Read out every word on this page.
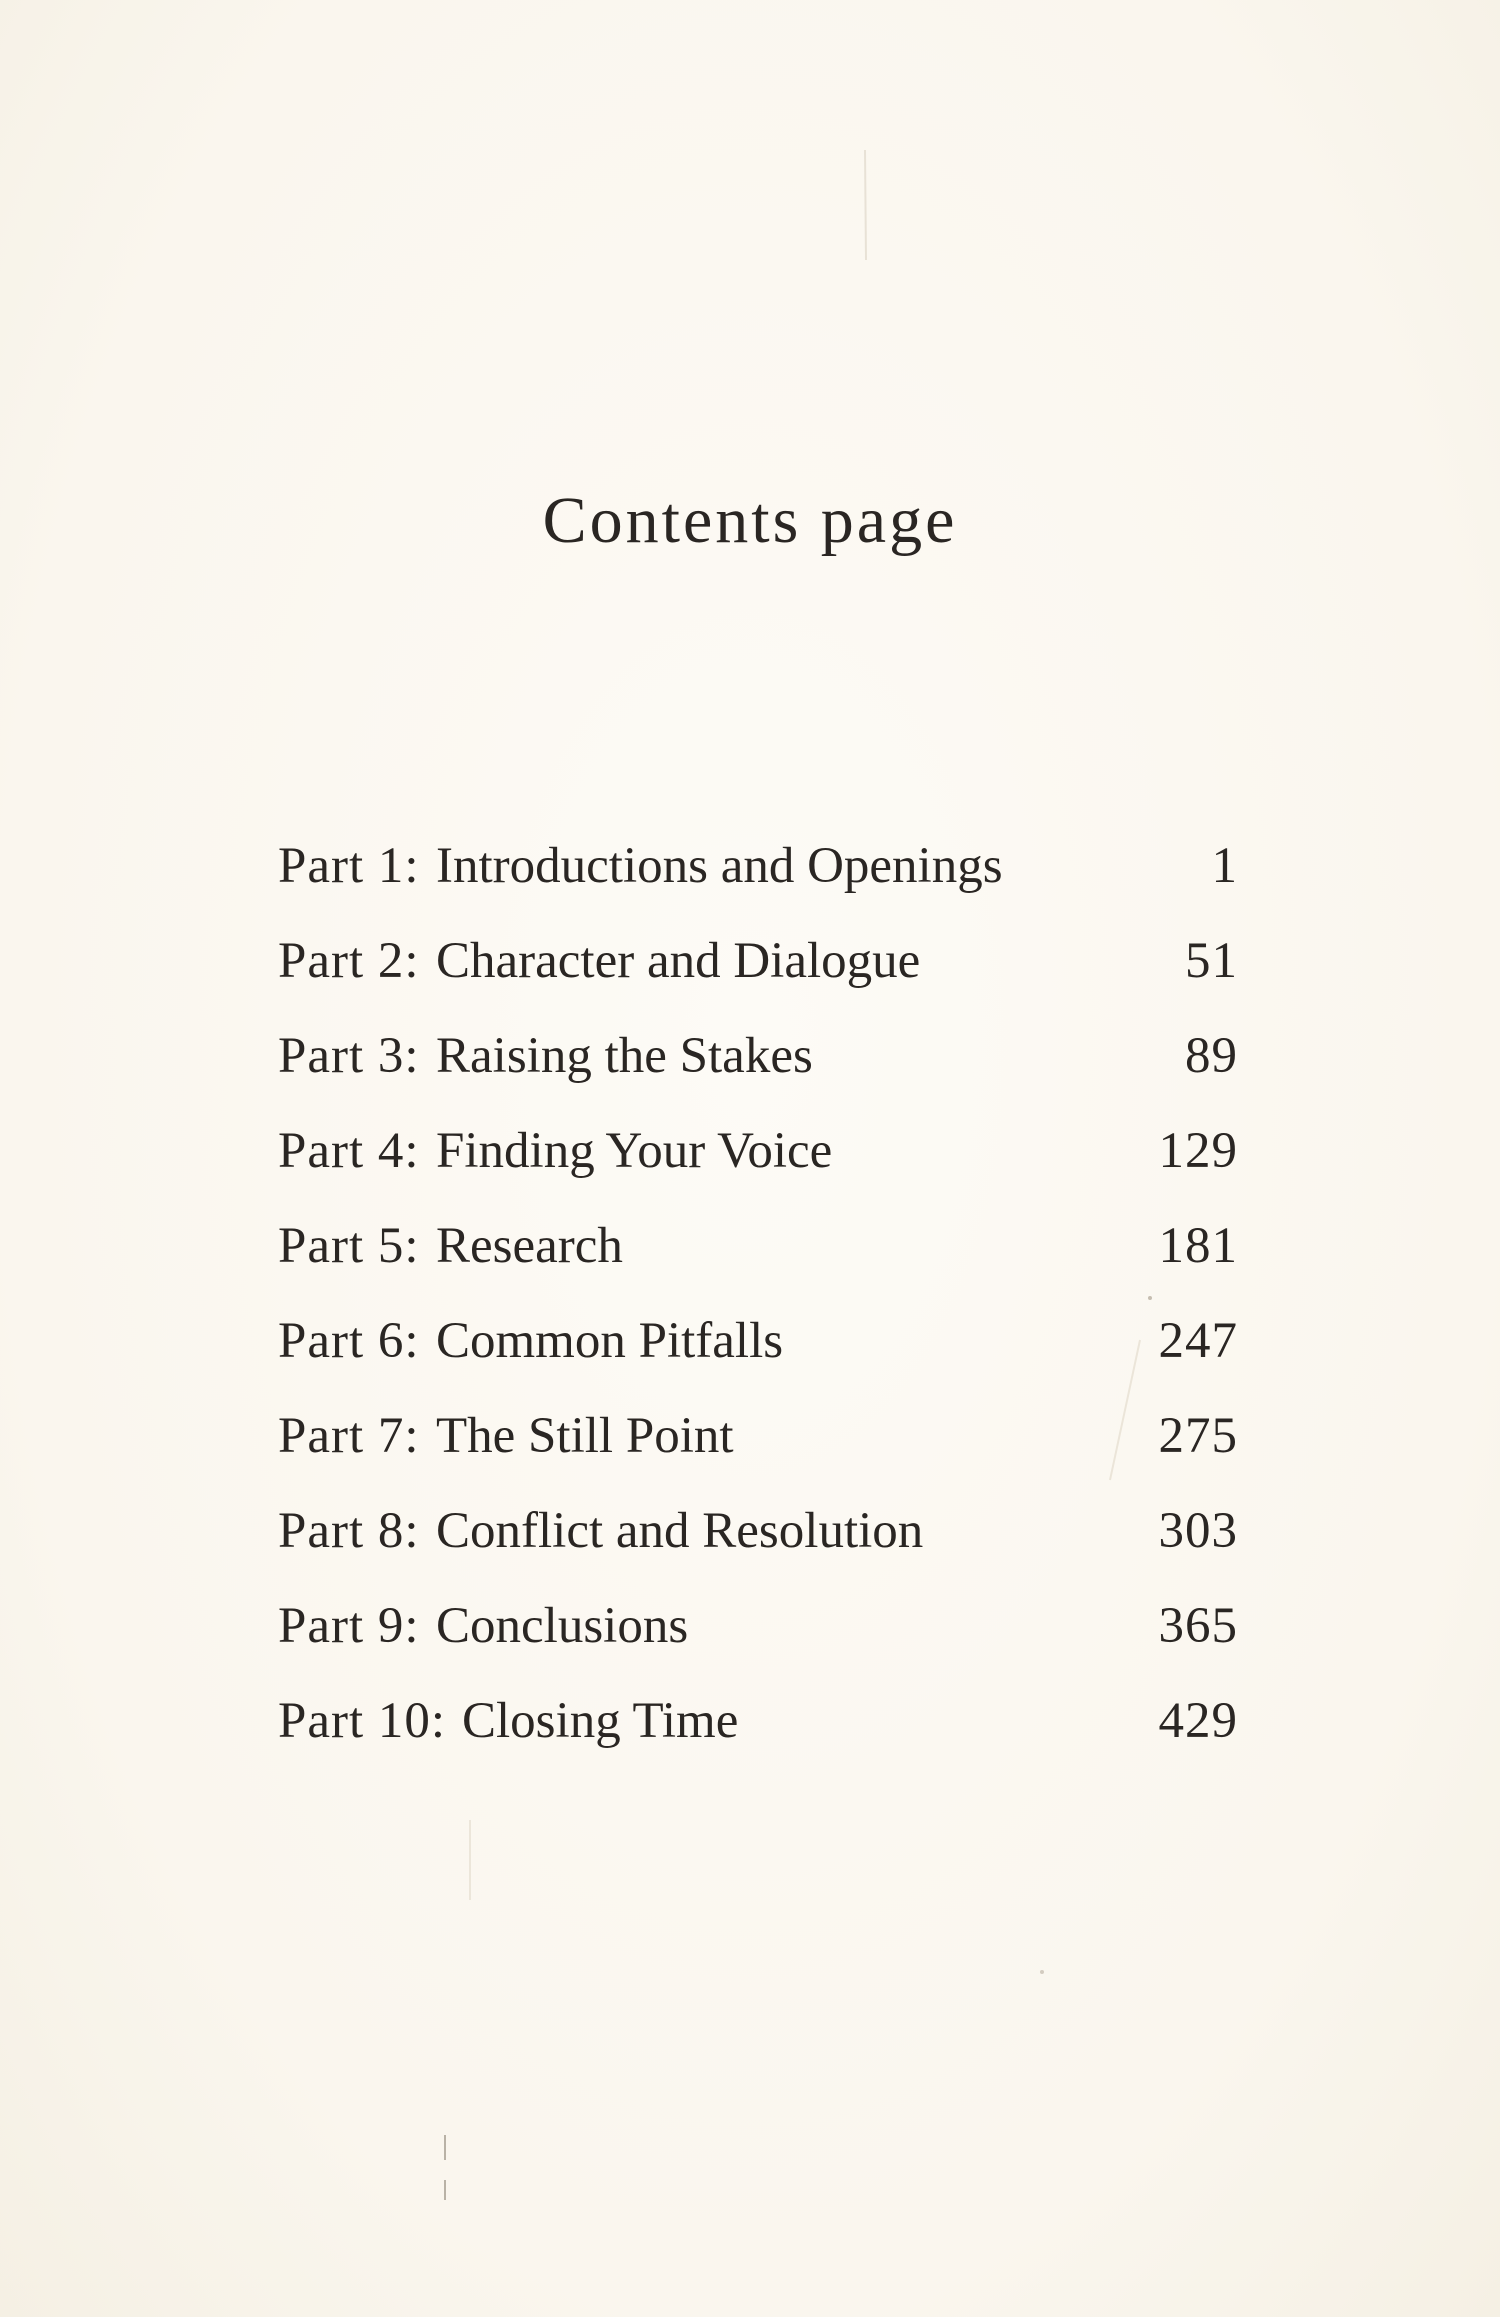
Contents page
Part 1: Introductions and Openings	1
Part 2: Character and Dialogue	51
Part 3: Raising the Stakes	89
Part 4: Finding Your Voice	129
Part 5: Research	181
Part 6: Common Pitfalls	247
Part 7: The Still Point	275
Part 8: Conflict and Resolution	303
Part 9: Conclusions	365
Part 10: Closing Time	429
